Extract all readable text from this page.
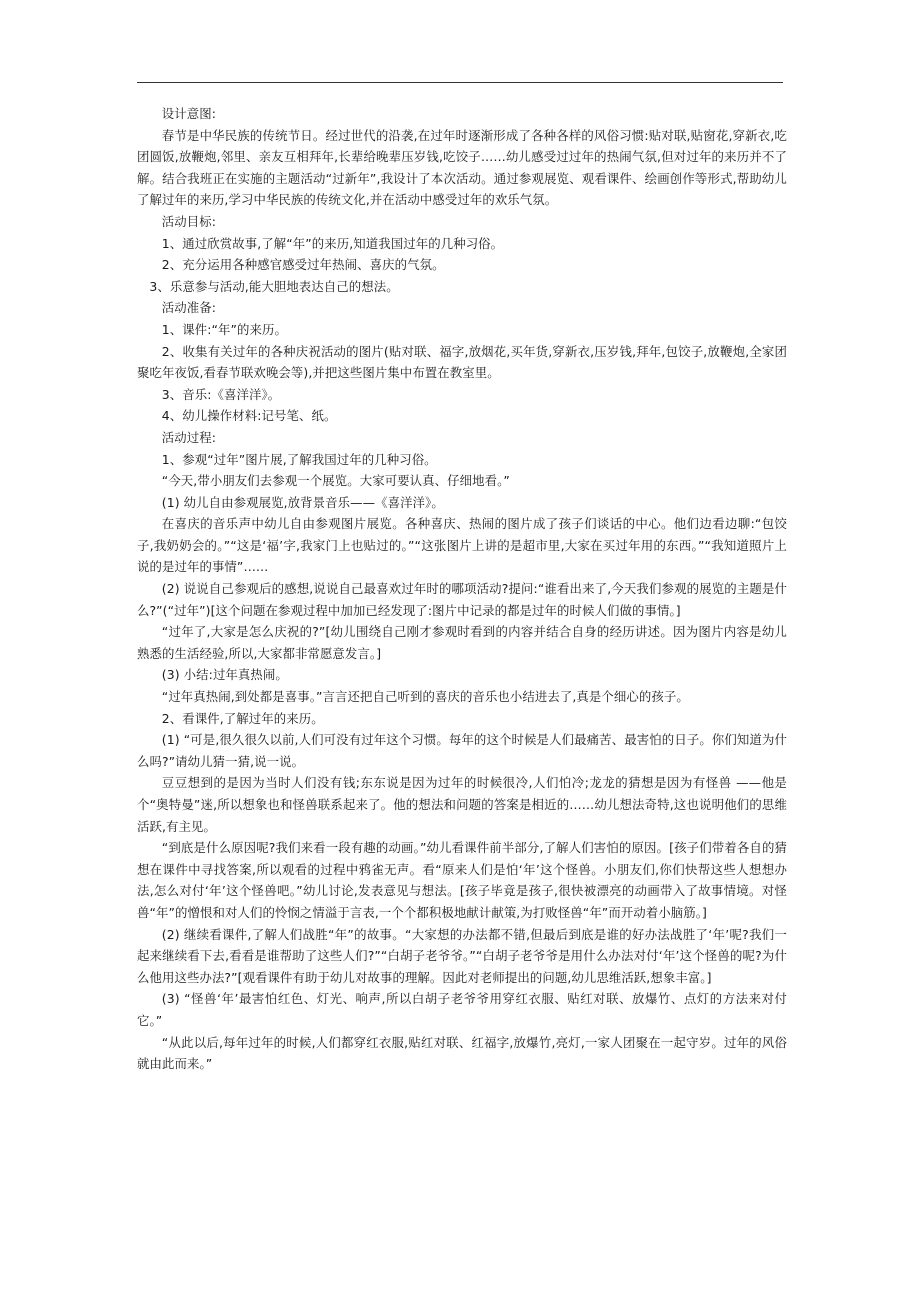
设计意图:

春节是中华民族的传统节日。经过世代的沿袭,在过年时逐渐形成了各种各样的风俗习惯:贴对联,贴窗花,穿新衣,吃团圆饭,放鞭炮,邻里、亲友互相拜年,长辈给晚辈压岁钱,吃饺子……幼儿感受过过年的热闹气氛,但对过年的来历并不了解。结合我班正在实施的主题活动“过新年”,我设计了本次活动。通过参观展览、观看课件、绘画创作等形式,帮助幼儿了解过年的来历,学习中华民族的传统文化,并在活动中感受过年的欢乐气氛。

活动目标:

1、通过欣赏故事,了解“年”的来历,知道我国过年的几种习俗。

2、充分运用各种感官感受过年热闹、喜庆的气氛。

3、乐意参与活动,能大胆地表达自己的想法。

活动准备:

1、课件:“年”的来历。

2、收集有关过年的各种庆祝活动的图片(贴对联、福字,放烟花,买年货,穿新衣,压岁钱,拜年,包饺子,放鞭炮,全家团聚吃年夜饭,看春节联欢晚会等),并把这些图片集中布置在教室里。

3、音乐:《喜洋洋》。

4、幼儿操作材料:记号笔、纸。

活动过程:

1、参观“过年”图片展,了解我国过年的几种习俗。

“今天,带小朋友们去参观一个展览。大家可要认真、仔细地看。”

(1) 幼儿自由参观展览,放背景音乐——《喜洋洋》。

在喜庆的音乐声中幼儿自由参观图片展览。各种喜庆、热闹的图片成了孩子们谈话的中心。他们边看边聊:“包饺子,我奶奶会的。”“这是‘福’字,我家门上也贴过的。”“这张图片上讲的是超市里,大家在买过年用的东西。”“我知道照片上说的是过年的事情”……

(2) 说说自己参观后的感想,说说自己最喜欢过年时的哪项活动?提问:“谁看出来了,今天我们参观的展览的主题是什么?”(“过年”)[这个问题在参观过程中加加已经发现了:图片中记录的都是过年的时候人们做的事情。]

“过年了,大家是怎么庆祝的?”[幼儿围绕自己刚才参观时看到的内容并结合自身的经历讲述。因为图片内容是幼儿熟悉的生活经验,所以,大家都非常愿意发言。]

(3) 小结:过年真热闹。

“过年真热闹,到处都是喜事。”言言还把自己听到的喜庆的音乐也小结进去了,真是个细心的孩子。

2、看课件,了解过年的来历。

(1) “可是,很久很久以前,人们可没有过年这个习惯。每年的这个时候是人们最痛苦、最害怕的日子。你们知道为什么吗?”请幼儿猜一猜,说一说。

豆豆想到的是因为当时人们没有钱;东东说是因为过年的时候很冷,人们怕冷;龙龙的猜想是因为有怪兽 ——他是个“奥特曼”迷,所以想象也和怪兽联系起来了。他的想法和问题的答案是相近的……幼儿想法奇特,这也说明他们的思维活跃,有主见。

“到底是什么原因呢?我们来看一段有趣的动画。”幼儿看课件前半部分,了解人们害怕的原因。[孩子们带着各自的猜想在课件中寻找答案,所以观看的过程中鸦雀无声。看“原来人们是怕‘年’这个怪兽。小朋友们,你们快帮这些人想想办法,怎么对付‘年’这个怪兽吧。”幼儿讨论,发表意见与想法。[孩子毕竟是孩子,很快被漂亮的动画带入了故事情境。对怪兽“年”的憎恨和对人们的怜悯之情溢于言表,一个个都积极地献计献策,为打败怪兽“年”而开动着小脑筋。]

(2) 继续看课件,了解人们战胜“年”的故事。“大家想的办法都不错,但最后到底是谁的好办法战胜了‘年’呢?我们一起来继续看下去,看看是谁帮助了这些人们?”“白胡子老爷爷。”“白胡子老爷爷是用什么办法对付‘年’这个怪兽的呢?为什么他用这些办法?”[观看课件有助于幼儿对故事的理解。因此对老师提出的问题,幼儿思维活跃,想象丰富。]

(3) “怪兽‘年’最害怕红色、灯光、响声,所以白胡子老爷爷用穿红衣服、贴红对联、放爆竹、点灯的方法来对付它。”

“从此以后,每年过年的时候,人们都穿红衣服,贴红对联、红福字,放爆竹,亮灯,一家人团聚在一起守岁。过年的风俗就由此而来。”
